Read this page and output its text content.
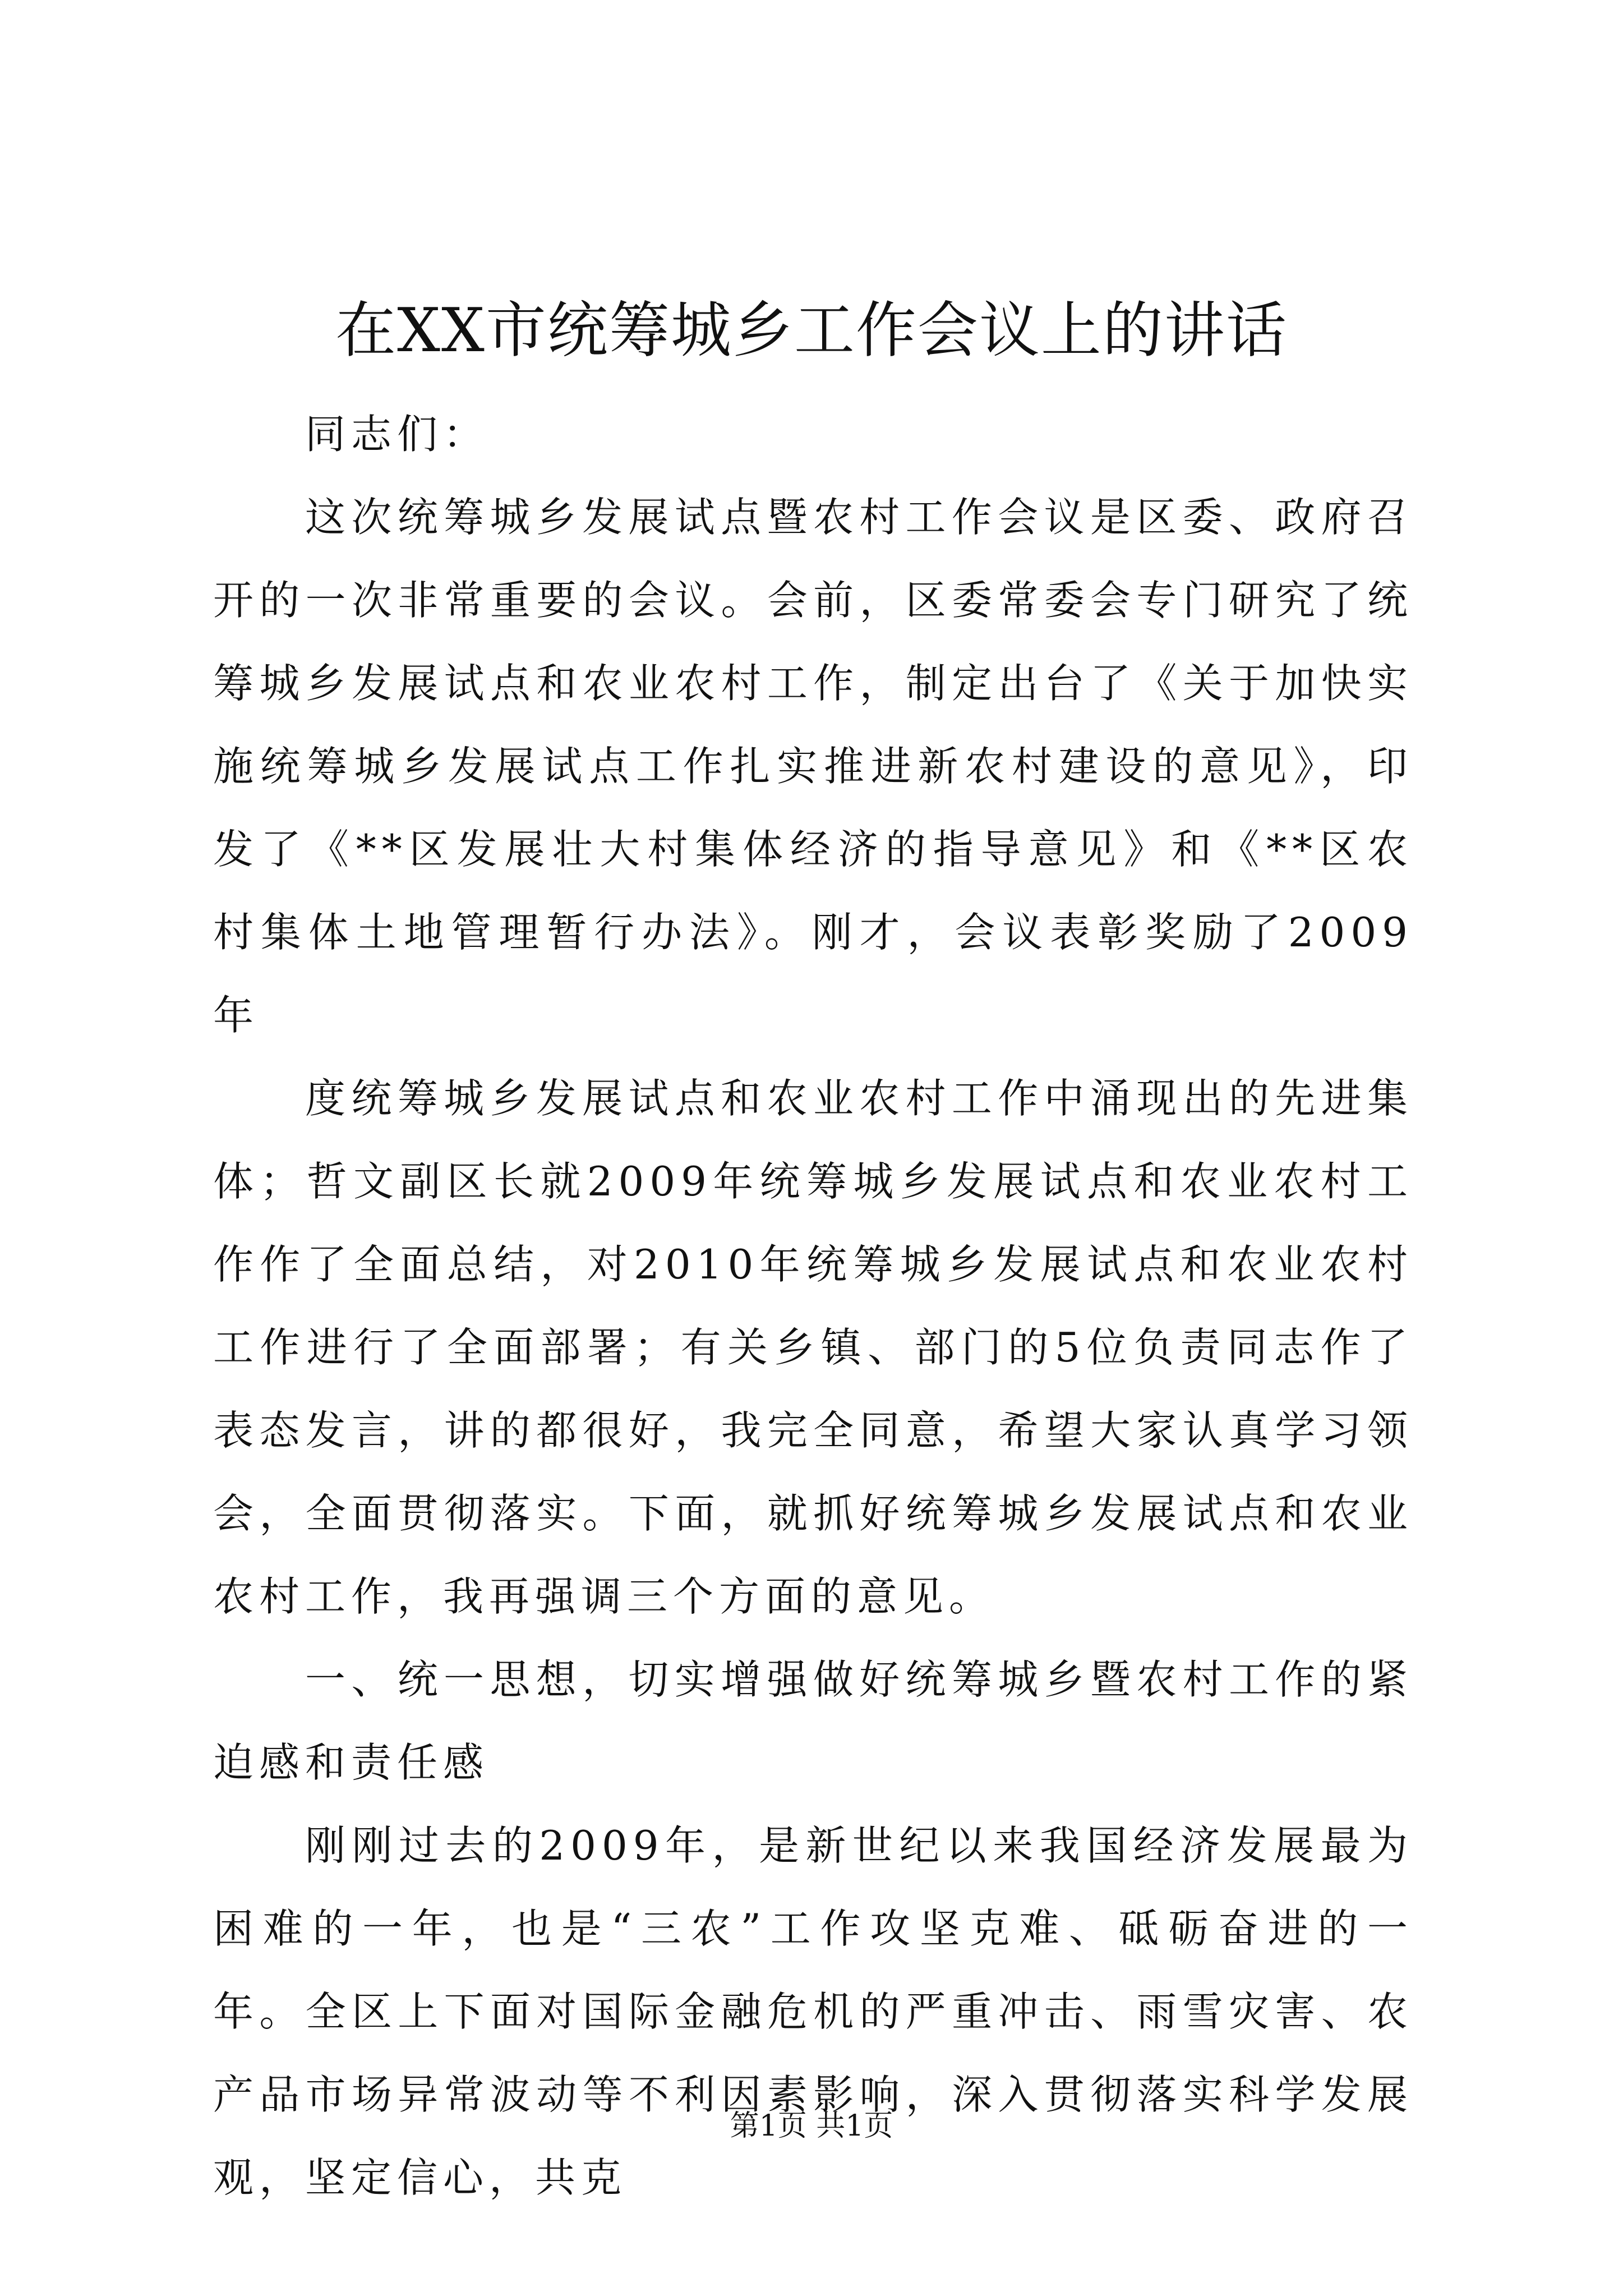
在XX市统筹城乡工作会议上的讲话

同志们：

这次统筹城乡发展试点暨农村工作会议是区委、政府召开的一次非常重要的会议。会前，区委常委会专门研究了统筹城乡发展试点和农业农村工作，制定出台了《关于加快实施统筹城乡发展试点工作扎实推进新农村建设的意见》，印发了《**区发展壮大村集体经济的指导意见》和《**区农村集体土地管理暂行办法》。刚才，会议表彰奖励了2009年

度统筹城乡发展试点和农业农村工作中涌现出的先进集体；哲文副区长就2009年统筹城乡发展试点和农业农村工作作了全面总结，对2010年统筹城乡发展试点和农业农村工作进行了全面部署；有关乡镇、部门的5位负责同志作了表态发言，讲的都很好，我完全同意，希望大家认真学习领会，全面贯彻落实。下面，就抓好统筹城乡发展试点和农业农村工作，我再强调三个方面的意见。

一、统一思想，切实增强做好统筹城乡暨农村工作的紧迫感和责任感

刚刚过去的2009年，是新世纪以来我国经济发展最为困难的一年，也是“三农”工作攻坚克难、砥砺奋进的一年。全区上下面对国际金融危机的严重冲击、雨雪灾害、农产品市场异常波动等不利因素影响，深入贯彻落实科学发展观，坚定信心，共克

第1页 共1页
